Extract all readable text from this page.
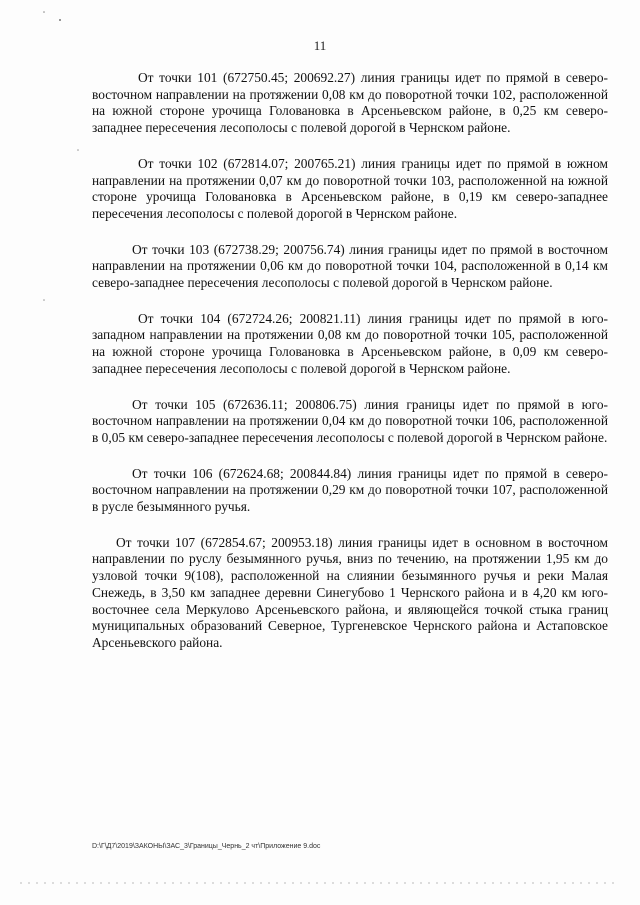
11

От точки 101 (672750.45; 200692.27) линия границы идет по прямой в северо-восточном направлении на протяжении 0,08 км до поворотной точки 102, расположенной на южной стороне урочища Головановка в Арсеньевском районе, в 0,25 км северо-западнее пересечения лесополосы с полевой дорогой в Чернском районе.

От точки 102 (672814.07; 200765.21) линия границы идет по прямой в южном направлении на протяжении 0,07 км до поворотной точки 103, расположенной на южной стороне урочища Головановка в Арсеньевском районе, в 0,19 км северо-западнее пересечения лесополосы с полевой дорогой в Чернском районе.

От точки 103 (672738.29; 200756.74) линия границы идет по прямой в восточном направлении на протяжении 0,06 км до поворотной точки 104, расположенной в 0,14 км северо-западнее пересечения лесополосы с полевой дорогой в Чернском районе.

От точки 104 (672724.26; 200821.11) линия границы идет по прямой в юго-западном направлении на протяжении 0,08 км до поворотной точки 105, расположенной на южной стороне урочища Головановка в Арсеньевском районе, в 0,09 км северо-западнее пересечения лесополосы с полевой дорогой в Чернском районе.

От точки 105 (672636.11; 200806.75) линия границы идет по прямой в юго-восточном направлении на протяжении 0,04 км до поворотной точки 106, расположенной в 0,05 км северо-западнее пересечения лесополосы с полевой дорогой в Чернском районе.

От точки 106 (672624.68; 200844.84) линия границы идет по прямой в северо-восточном направлении на протяжении 0,29 км до поворотной точки 107, расположенной в русле безымянного ручья.

От точки 107 (672854.67; 200953.18) линия границы идет в основном в восточном направлении по руслу безымянного ручья, вниз по течению, на протяжении 1,95 км до узловой точки 9(108), расположенной на слиянии безымянного ручья и реки Малая Снежедь, в 3,50 км западнее деревни Синегубово 1 Чернского района и в 4,20 км юго-восточнее села Меркулово Арсеньевского района, и являющейся точкой стыка границ муниципальных образований Северное, Тургеневское Чернского района и Астаповское Арсеньевского района.

D:\Г\Д7\2019\ЗАКОНЫ\ЗАС_3\Границы_Чернь_2 чт\Приложение 9.doc
